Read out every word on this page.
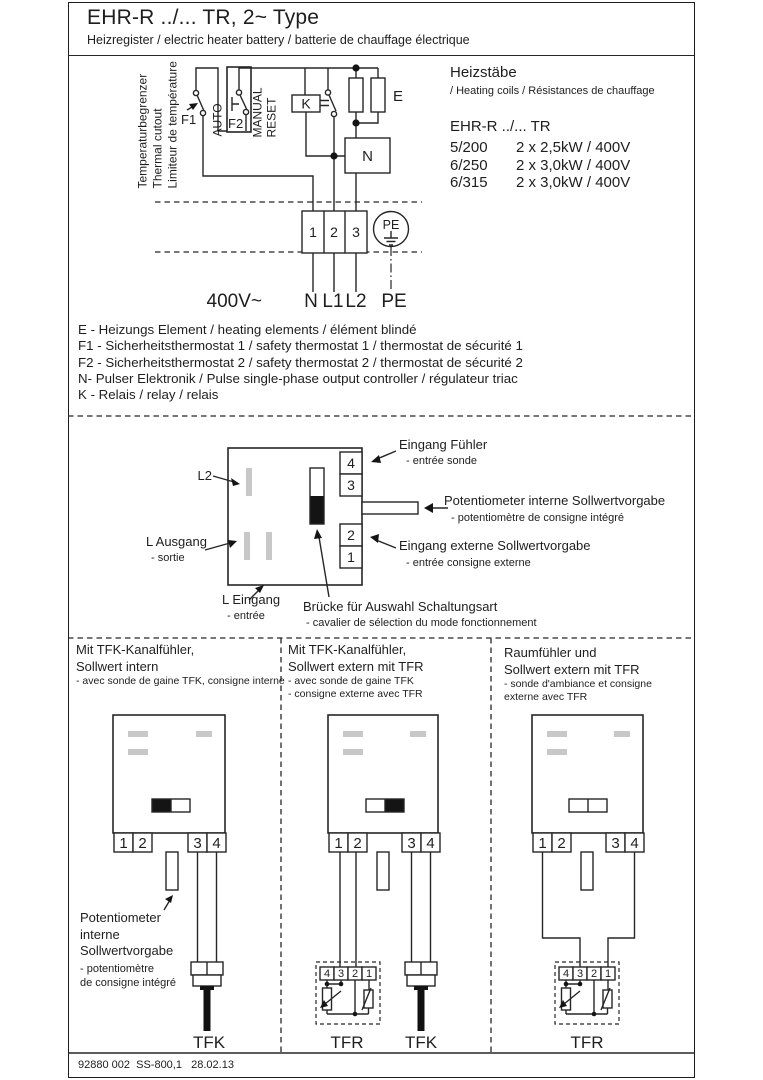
EHR-R ../... TR, 2~ Type
Heizregister / electric heater battery / batterie de chauffage électrique
F1 F2
K	E
N
1 2 3 PE
Temperaturbegrenzer Thermal cutout Limiteur de température	AUTO MANUAL RESET
400V~ N L1 L2 PE
Heizstäbe
/ Heating coils / Résistances de chauffage
EHR-R ../... TR
5/200	2 x 2,5kW / 400V
6/250	2 x 3,0kW / 400V
6/315	2 x 3,0kW / 400V
E - Heizungs Element / heating elements / élément blindé
F1 - Sicherheitsthermostat 1 / safety thermostat 1 / thermostat de sécurité 1
F2 - Sicherheitsthermostat 2 / safety thermostat 2 / thermostat de sécurité 2
N- Pulser Elektronik / Pulse single-phase output controller / régulateur triac
K - Relais / relay / relais
4
3
2
1
L2
L Ausgang
- sortie
L Eingang
- entrée
Brücke für Auswahl Schaltungsart
- cavalier de sélection du mode fonctionnement
Eingang Fühler
- entrée sonde
Potentiometer interne Sollwertvorgabe
- potentiomètre de consigne intégré
Eingang externe Sollwertvorgabe
- entrée consigne externe
1 2	3 4	1 2	3 4
4 3 2 1
1 2	3 4
4 3 2 1
Mit TFK-Kanalfühler,
Sollwert intern
- avec sonde de gaine TFK, consigne interne
Mit TFK-Kanalfühler,
Sollwert extern mit TFR
- avec sonde de gaine TFK
- consigne externe avec TFR
Raumfühler und
Sollwert extern mit TFR
- sonde d'ambiance et consigne
externe avec TFR
Potentiometer
interne
Sollwertvorgabe
- potentiomètre
de consigne intégré
TFK	TFR TFK	TFR
92880 002  SS-800,1   28.02.13
